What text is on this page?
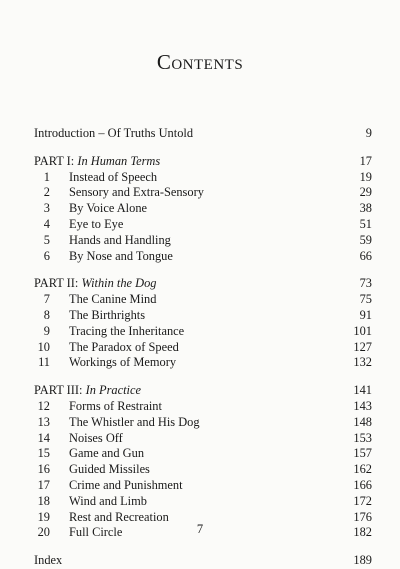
Contents
Introduction – Of Truths Untold	9
PART I: In Human Terms	17
1 Instead of Speech	19
2 Sensory and Extra-Sensory	29
3 By Voice Alone	38
4 Eye to Eye	51
5 Hands and Handling	59
6 By Nose and Tongue	66
PART II: Within the Dog	73
7 The Canine Mind	75
8 The Birthrights	91
9 Tracing the Inheritance	101
10 The Paradox of Speed	127
11 Workings of Memory	132
PART III: In Practice	141
12 Forms of Restraint	143
13 The Whistler and His Dog	148
14 Noises Off	153
15 Game and Gun	157
16 Guided Missiles	162
17 Crime and Punishment	166
18 Wind and Limb	172
19 Rest and Recreation	176
20 Full Circle	182
Index	189
7
